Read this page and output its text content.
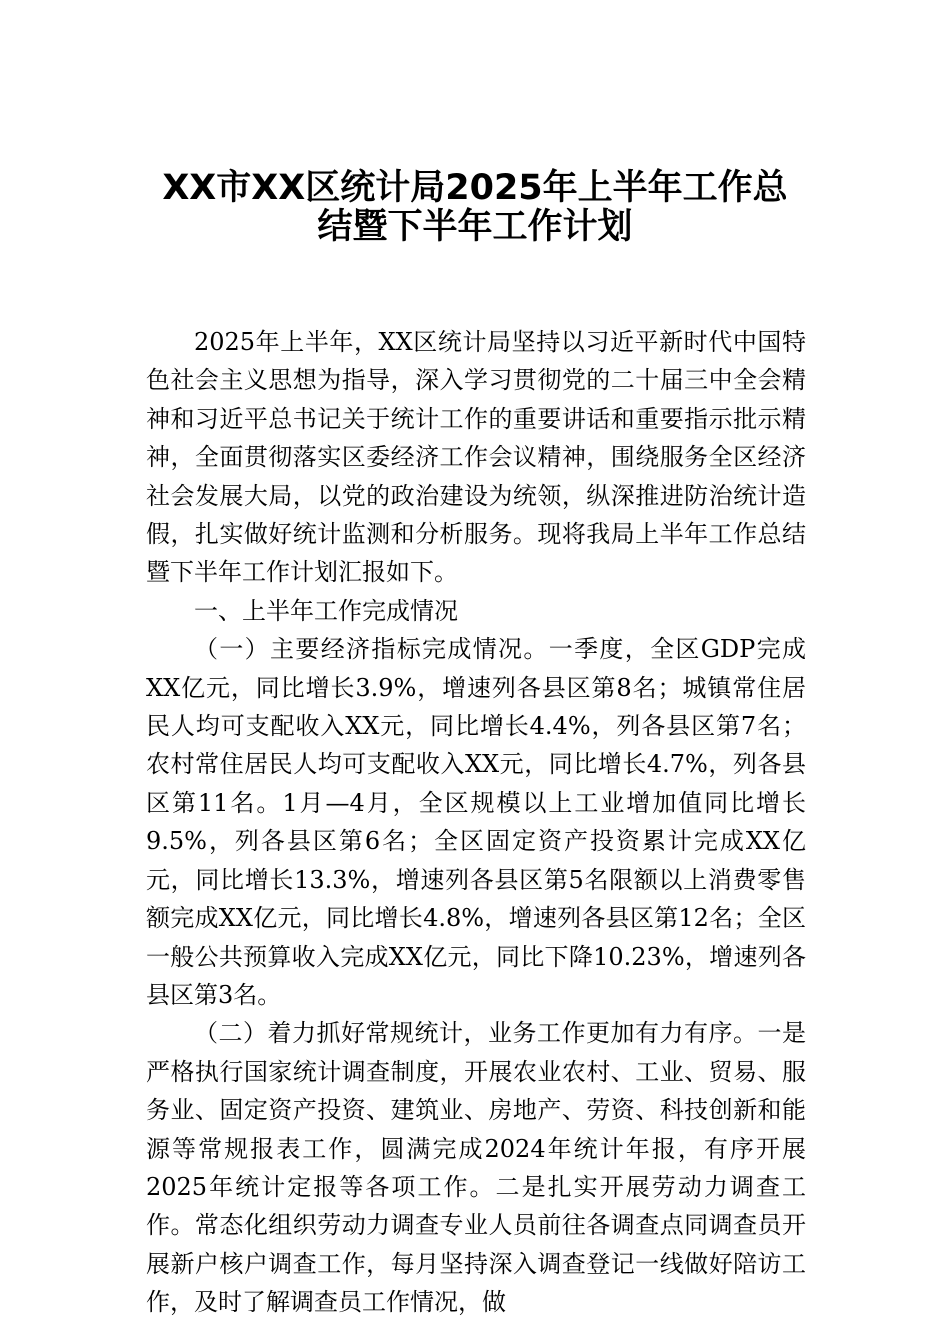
XX市XX区统计局2025年上半年工作总
结暨下半年工作计划

2025年上半年，XX区统计局坚持以习近平新时代中国特色社会主义思想为指导，深入学习贯彻党的二十届三中全会精神和习近平总书记关于统计工作的重要讲话和重要指示批示精神，全面贯彻落实区委经济工作会议精神，围绕服务全区经济社会发展大局，以党的政治建设为统领，纵深推进防治统计造假，扎实做好统计监测和分析服务。现将我局上半年工作总结暨下半年工作计划汇报如下。

一、上半年工作完成情况

（一）主要经济指标完成情况。一季度，全区GDP完成XX亿元，同比增长3.9%，增速列各县区第8名；城镇常住居民人均可支配收入XX元，同比增长4.4%，列各县区第7名；农村常住居民人均可支配收入XX元，同比增长4.7%，列各县区第11名。1月—4月，全区规模以上工业增加值同比增长9.5%，列各县区第6名；全区固定资产投资累计完成XX亿元，同比增长13.3%，增速列各县区第5名限额以上消费零售额完成XX亿元，同比增长4.8%，增速列各县区第12名；全区一般公共预算收入完成XX亿元，同比下降10.23%，增速列各县区第3名。

（二）着力抓好常规统计，业务工作更加有力有序。一是严格执行国家统计调查制度，开展农业农村、工业、贸易、服务业、固定资产投资、建筑业、房地产、劳资、科技创新和能源等常规报表工作，圆满完成2024年统计年报，有序开展2025年统计定报等各项工作。二是扎实开展劳动力调查工作。常态化组织劳动力调查专业人员前往各调查点同调查员开展新户核户调查工作，每月坚持深入调查登记一线做好陪访工作，及时了解调查员工作情况，做
